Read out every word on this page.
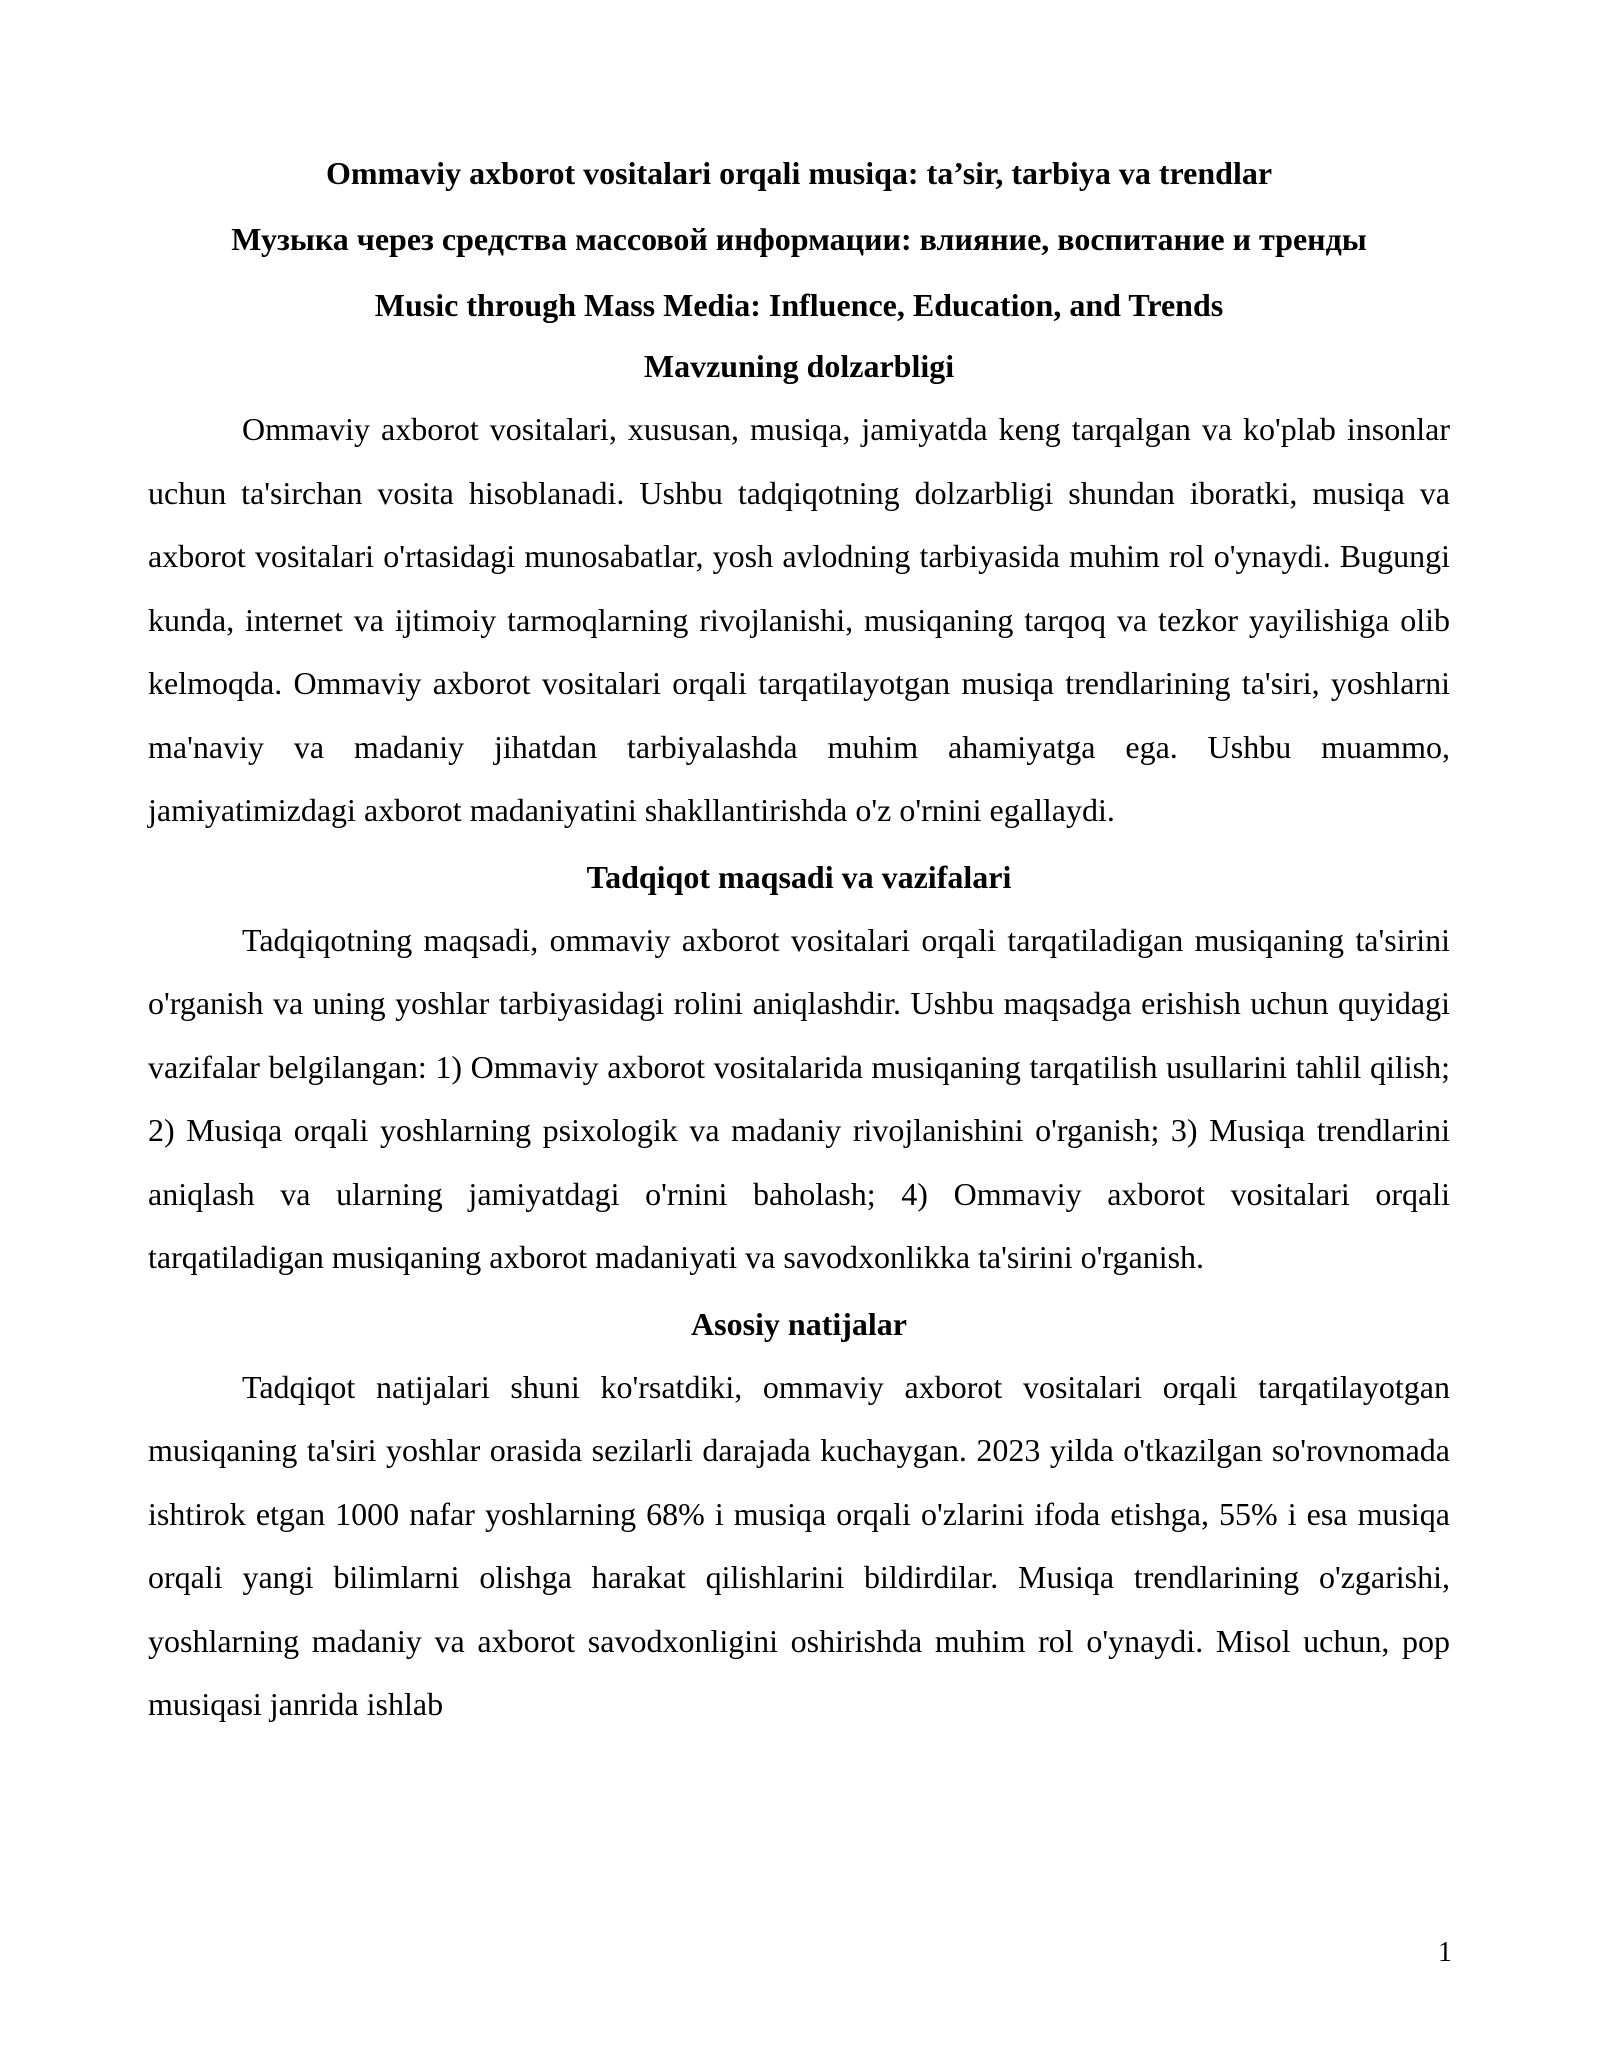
Ommaviy axborot vositalari orqali musiqa: ta’sir, tarbiya va trendlar
Музыка через средства массовой информации: влияние, воспитание и тренды
Music through Mass Media: Influence, Education, and Trends
Mavzuning dolzarbligi

Ommaviy axborot vositalari, xususan, musiqa, jamiyatda keng tarqalgan va ko'plab insonlar uchun ta'sirchan vosita hisoblanadi. Ushbu tadqiqotning dolzarbligi shundan iboratki, musiqa va axborot vositalari o'rtasidagi munosabatlar, yosh avlodning tarbiyasida muhim rol o'ynaydi. Bugungi kunda, internet va ijtimoiy tarmoqlarning rivojlanishi, musiqaning tarqoq va tezkor yayilishiga olib kelmoqda. Ommaviy axborot vositalari orqali tarqatilayotgan musiqa trendlarining ta'siri, yoshlarni ma'naviy va madaniy jihatdan tarbiyalashda muhim ahamiyatga ega. Ushbu muammo, jamiyatimizdagi axborot madaniyatini shakllantirishda o'z o'rnini egallaydi.

Tadqiqot maqsadi va vazifalari

Tadqiqotning maqsadi, ommaviy axborot vositalari orqali tarqatiladigan musiqaning ta'sirini o'rganish va uning yoshlar tarbiyasidagi rolini aniqlashdir. Ushbu maqsadga erishish uchun quyidagi vazifalar belgilangan: 1) Ommaviy axborot vositalarida musiqaning tarqatilish usullarini tahlil qilish; 2) Musiqa orqali yoshlarning psixologik va madaniy rivojlanishini o'rganish; 3) Musiqa trendlarini aniqlash va ularning jamiyatdagi o'rnini baholash; 4) Ommaviy axborot vositalari orqali tarqatiladigan musiqaning axborot madaniyati va savodxonlikka ta'sirini o'rganish.

Asosiy natijalar

Tadqiqot natijalari shuni ko'rsatdiki, ommaviy axborot vositalari orqali tarqatilayotgan musiqaning ta'siri yoshlar orasida sezilarli darajada kuchaygan. 2023 yilda o'tkazilgan so'rovnomada ishtirok etgan 1000 nafar yoshlarning 68% i musiqa orqali o'zlarini ifoda etishga, 55% i esa musiqa orqali yangi bilimlarni olishga harakat qilishlarini bildirdilar. Musiqa trendlarining o'zgarishi, yoshlarning madaniy va axborot savodxonligini oshirishda muhim rol o'ynaydi. Misol uchun, pop musiqasi janrida ishlab

1
